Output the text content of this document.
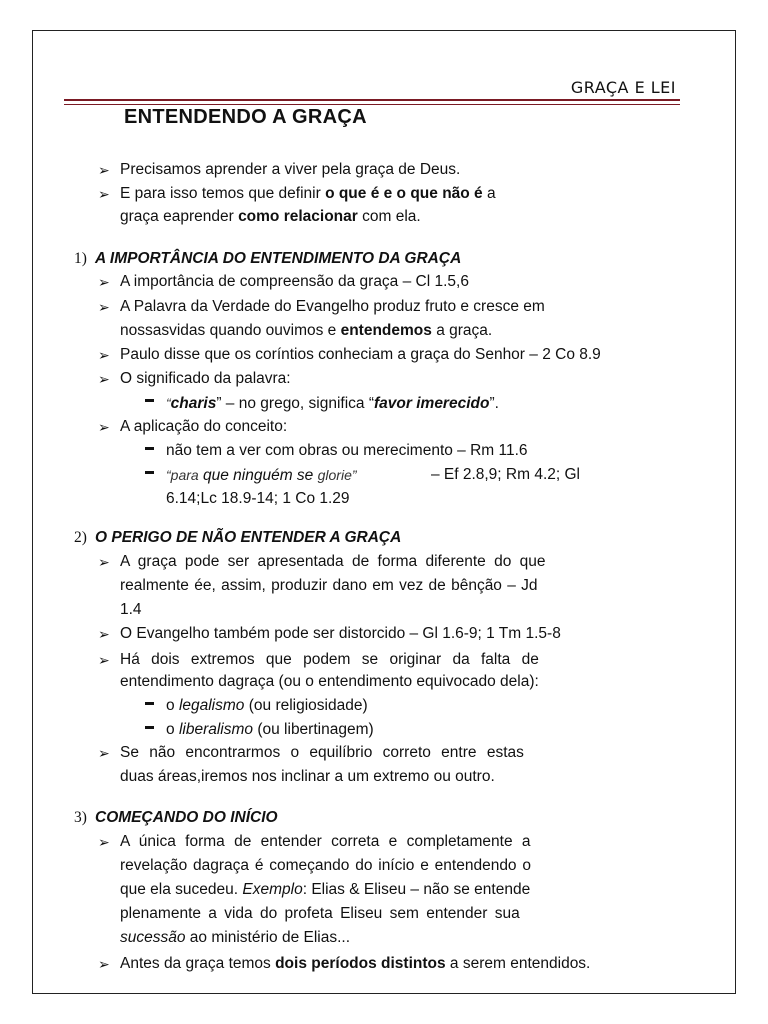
GRAÇA E LEI
ENTENDENDO A GRAÇA
➢ Precisamos aprender a viver pela graça de Deus.
➢ E para isso temos que definir o que é e o que não é a
graça eaprender como relacionar com ela.
1) A IMPORTÂNCIA DO ENTENDIMENTO DA GRAÇA
➢ A importância de compreensão da graça – Cl 1.5,6
➢ A Palavra da Verdade do Evangelho produz fruto e cresce em
nossasvidas quando ouvimos e entendemos a graça.
➢ Paulo disse que os coríntios conheciam a graça do Senhor – 2 Co 8.9
➢ O significado da palavra:
“charis” – no grego, significa “favor imerecido”.
➢ A aplicação do conceito:
não tem a ver com obras ou merecimento – Rm 11.6
“para que ninguém se glorie”	– Ef 2.8,9; Rm 4.2; Gl
6.14;Lc 18.9-14; 1 Co 1.29
2) O PERIGO DE NÃO ENTENDER A GRAÇA
➢ A graça pode ser apresentada de forma diferente do que
realmente ée, assim, produzir dano em vez de bênção – Jd
1.4
➢ O Evangelho também pode ser distorcido – Gl 1.6-9; 1 Tm 1.5-8
➢ Há dois extremos que podem se originar da falta de
entendimento dagraça (ou o entendimento equivocado dela):
o legalismo (ou religiosidade)
o liberalismo (ou libertinagem)
➢ Se não encontrarmos o equilíbrio correto entre estas
duas áreas,iremos nos inclinar a um extremo ou outro.
3) COMEÇANDO DO INÍCIO
➢ A única forma de entender correta e completamente a
revelação dagraça é começando do início e entendendo o
que ela sucedeu. Exemplo: Elias & Eliseu – não se entende
plenamente a vida do profeta Eliseu sem entender sua
sucessão ao ministério de Elias...
➢ Antes da graça temos dois períodos distintos a serem entendidos.
